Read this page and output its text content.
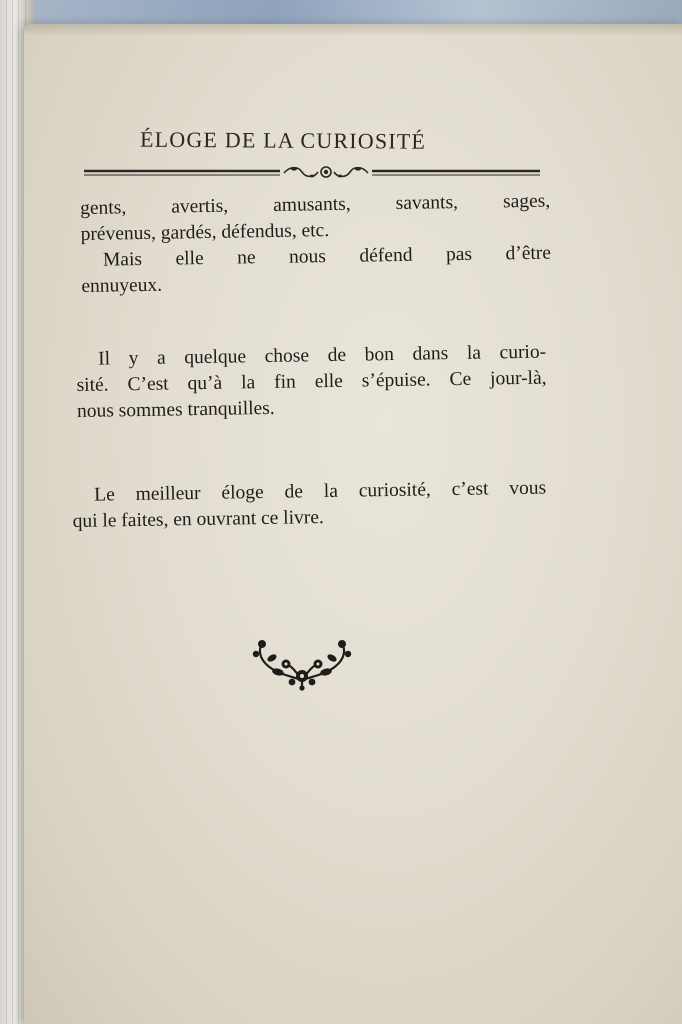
ÉLOGE DE LA CURIOSITÉ
gents, avertis, amusants, savants, sages,
prévenus, gardés, défendus, etc.
Mais elle ne nous défend pas d’être
ennuyeux.
Il y a quelque chose de bon dans la curio-
sité. C’est qu’à la fin elle s’épuise. Ce jour-là,
nous sommes tranquilles.
Le meilleur éloge de la curiosité, c’est vous
qui le faites, en ouvrant ce livre.
